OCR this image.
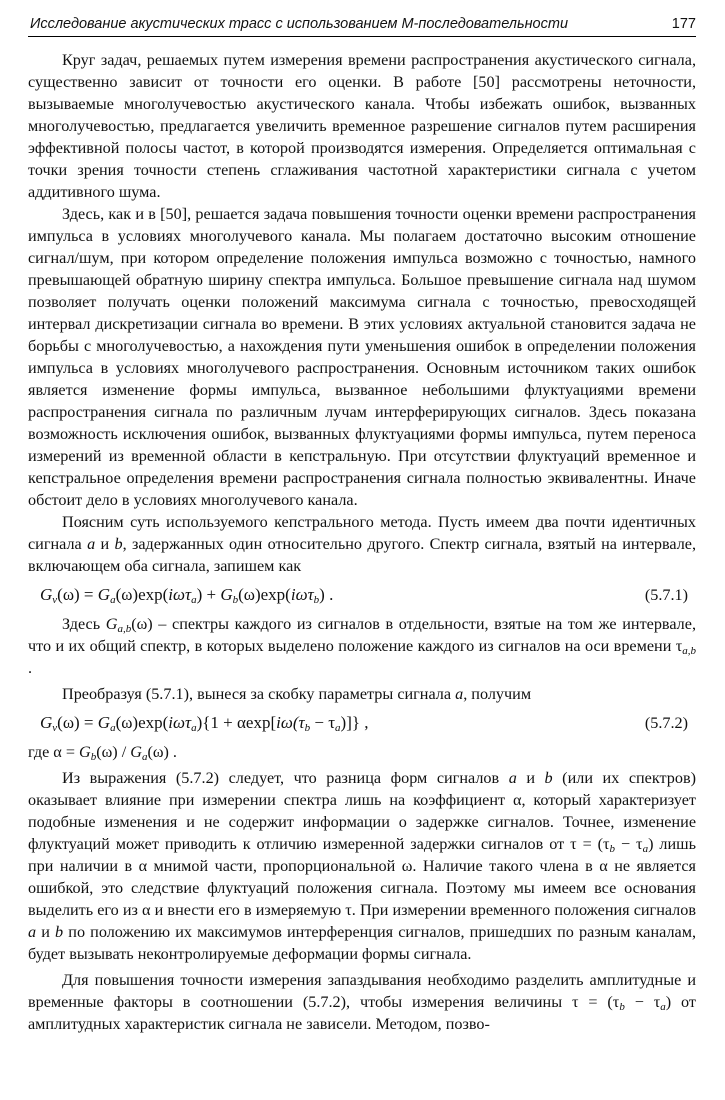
Исследование акустических трасс с использованием М-последовательности	177

Круг задач, решаемых путем измерения времени распространения акустического сигнала, существенно зависит от точности его оценки. В работе [50] рассмотрены неточности, вызываемые многолучевостью акустического канала. Чтобы избежать ошибок, вызванных многолучевостью, предлагается увеличить временное разрешение сигналов путем расширения эффективной полосы частот, в которой производятся измерения. Определяется оптимальная с точки зрения точности степень сглаживания частотной характеристики сигнала с учетом аддитивного шума.

Здесь, как и в [50], решается задача повышения точности оценки времени распространения импульса в условиях многолучевого канала. Мы полагаем достаточно высоким отношение сигнал/шум, при котором определение положения импульса возможно с точностью, намного превышающей обратную ширину спектра импульса. Большое превышение сигнала над шумом позволяет получать оценки положений максимума сигнала с точностью, превосходящей интервал дискретизации сигнала во времени. В этих условиях актуальной становится задача не борьбы с многолучевостью, а нахождения пути уменьшения ошибок в определении положения импульса в условиях многолучевого распространения. Основным источником таких ошибок является изменение формы импульса, вызванное небольшими флуктуациями времени распространения сигнала по различным лучам интерферирующих сигналов. Здесь показана возможность исключения ошибок, вызванных флуктуациями формы импульса, путем переноса измерений из временной области в кепстральную. При отсутствии флуктуаций временное и кепстральное определения времени распространения сигнала полностью эквивалентны. Иначе обстоит дело в условиях многолучевого канала.

Поясним суть используемого кепстрального метода. Пусть имеем два почти идентичных сигнала a и b, задержанных один относительно другого. Спектр сигнала, взятый на интервале, включающем оба сигнала, запишем как

$G_v(\omega) = G_a(\omega)\exp(i\omega\tau_a) + G_b(\omega)\exp(i\omega\tau_b)$ .	(5.7.1)

Здесь $G_{a,b}(\omega)$ – спектры каждого из сигналов в отдельности, взятые на том же интервале, что и их общий спектр, в которых выделено положение каждого из сигналов на оси времени $\tau_{a,b}$ .

Преобразуя (5.7.1), вынеся за скобку параметры сигнала a, получим

$G_v(\omega) = G_a(\omega)\exp(i\omega\tau_a)\{1 + \alpha\exp[i\omega(\tau_b - \tau_a)]\}$ ,	(5.7.2)

где $\alpha = G_b(\omega) / G_a(\omega)$ .

Из выражения (5.7.2) следует, что разница форм сигналов a и b (или их спектров) оказывает влияние при измерении спектра лишь на коэффициент α, который характеризует подобные изменения и не содержит информации о задержке сигналов. Точнее, изменение флуктуаций может приводить к отличию измеренной задержки сигналов от $\tau = (\tau_b - \tau_a)$ лишь при наличии в α мнимой части, пропорциональной ω. Наличие такого члена в α не является ошибкой, это следствие флуктуаций положения сигнала. Поэтому мы имеем все основания выделить его из α и внести его в измеряемую τ. При измерении временного положения сигналов a и b по положению их максимумов интерференция сигналов, пришедших по разным каналам, будет вызывать неконтролируемые деформации формы сигнала.

Для повышения точности измерения запаздывания необходимо разделить амплитудные и временные факторы в соотношении (5.7.2), чтобы измерения величины $\tau = (\tau_b - \tau_a)$ от амплитудных характеристик сигнала не зависели. Методом, позво-
